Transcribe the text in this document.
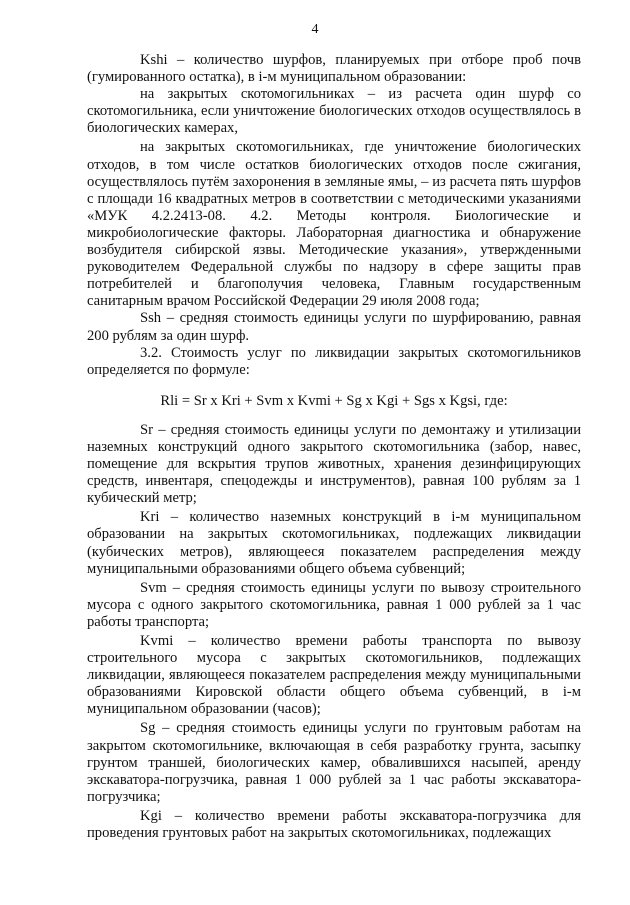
4

Kshi – количество шурфов, планируемых при отборе проб почв (гумированного остатка), в i-м муниципальном образовании:

на закрытых скотомогильниках – из расчета один шурф со скотомогильника, если уничтожение биологических отходов осуществлялось в биологических камерах,

на закрытых скотомогильниках, где уничтожение биологических отходов, в том числе остатков биологических отходов после сжигания, осуществлялось путём захоронения в земляные ямы, – из расчета пять шурфов с площади 16 квадратных метров в соответствии с методическими указаниями «МУК 4.2.2413-08. 4.2. Методы контроля. Биологические и микробиологические факторы. Лабораторная диагностика и обнаружение возбудителя сибирской язвы. Методические указания», утвержденными руководителем Федеральной службы по надзору в сфере защиты прав потребителей и благополучия человека, Главным государственным санитарным врачом Российской Федерации 29 июля 2008 года;

Ssh – средняя стоимость единицы услуги по шурфированию, равная 200 рублям за один шурф.

3.2. Стоимость услуг по ликвидации закрытых скотомогильников определяется по формуле:

Rli = Sr x Kri + Svm x Kvmi + Sg x Kgi + Sgs x Kgsi, где:

Sr – средняя стоимость единицы услуги по демонтажу и утилизации наземных конструкций одного закрытого скотомогильника (забор, навес, помещение для вскрытия трупов животных, хранения дезинфицирующих средств, инвентаря, спецодежды и инструментов), равная 100 рублям за 1 кубический метр;

Kri – количество наземных конструкций в i-м муниципальном образовании на закрытых скотомогильниках, подлежащих ликвидации (кубических метров), являющееся показателем распределения между муниципальными образованиями общего объема субвенций;

Svm – средняя стоимость единицы услуги по вывозу строительного мусора с одного закрытого скотомогильника, равная 1 000 рублей за 1 час работы транспорта;

Kvmi – количество времени работы транспорта по вывозу строительного мусора с закрытых скотомогильников, подлежащих ликвидации, являющееся показателем распределения между муниципальными образованиями Кировской области общего объема субвенций, в i-м муниципальном образовании (часов);

Sg – средняя стоимость единицы услуги по грунтовым работам на закрытом скотомогильнике, включающая в себя разработку грунта, засыпку грунтом траншей, биологических камер, обвалившихся насыпей, аренду экскаватора-погрузчика, равная 1 000 рублей за 1 час работы экскаватора-погрузчика;

Kgi – количество времени работы экскаватора-погрузчика для проведения грунтовых работ на закрытых скотомогильниках, подлежащих
